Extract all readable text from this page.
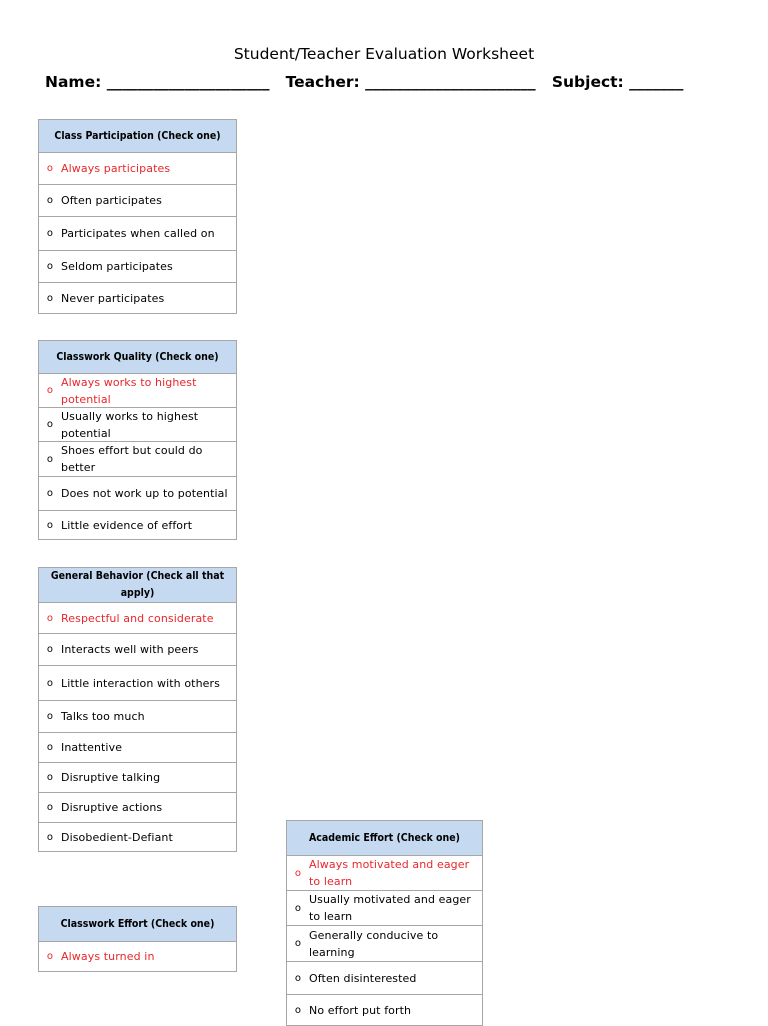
Student/Teacher Evaluation Worksheet
Name: _____________________ Teacher: ______________________ Subject: _______
Class Participation (Check one)
o Always participates
o Often participates
o Participates when called on
o Seldom participates
o Never participates
Classwork Quality (Check one)
o
Always works to highest potential
o
Usually works to highest potential
o
Shoes effort but could do better
o Does not work up to potential
o Little evidence of effort
General Behavior (Check all that apply)
o Respectful and considerate
o Interacts well with peers
o Little interaction with others
o Talks too much
o Inattentive
o Disruptive talking
o Disruptive actions
o Disobedient-Defiant
Classwork Effort (Check one)
o Always turned in
Academic Effort (Check one)
o
Always motivated and eager to learn
o
Usually motivated and eager to learn
o
Generally conducive to learning
o Often disinterested
o No effort put forth
